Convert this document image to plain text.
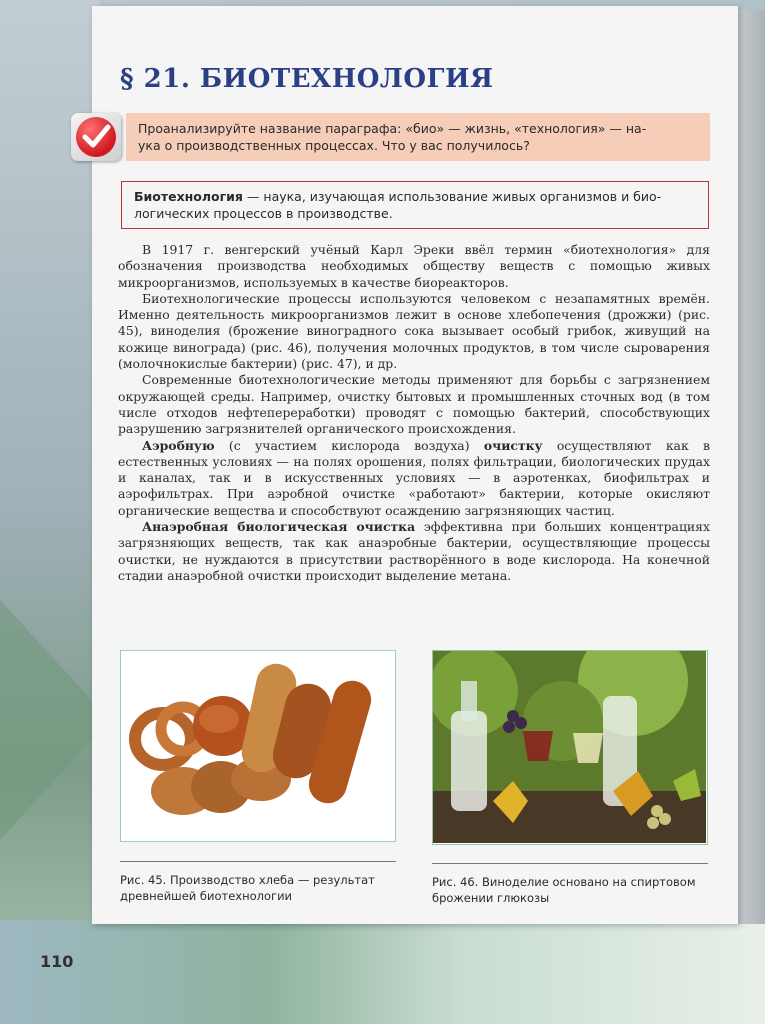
§ 21. БИОТЕХНОЛОГИЯ
Проанализируйте название параграфа: «био» — жизнь, «технология» — на-
ука о производственных процессах. Что у вас получилось?
Биотехнология — наука, изучающая использование живых организмов и био-
логических процессов в производстве.

В 1917 г. венгерский учёный Карл Эреки ввёл термин «биотехнология» для обозначения производства необходимых обществу веществ с помощью живых микроорганизмов, используемых в качестве биореакторов.

Биотехнологические процессы используются человеком с незапамятных времён. Именно деятельность микроорганизмов лежит в основе хлебопечения (дрожжи) (рис. 45), виноделия (брожение виноградного сока вызывает особый грибок, живущий на кожице винограда) (рис. 46), получения молочных продуктов, в том числе сыроварения (молочнокислые бактерии) (рис. 47), и др.

Современные биотехнологические методы применяют для борьбы с загрязнением окружающей среды. Например, очистку бытовых и промышленных сточных вод (в том числе отходов нефтепереработки) проводят с помощью бактерий, способствующих разрушению загрязнителей органического происхождения.

Аэробную (с участием кислорода воздуха) очистку осуществляют как в естественных условиях — на полях орошения, полях фильтрации, биологических прудах и каналах, так и в искусственных условиях — в аэротенках, биофильтрах и аэрофильтрах. При аэробной очистке «работают» бактерии, которые окисляют органические вещества и способствуют осаждению загрязняющих частиц.

Анаэробная биологическая очистка эффективна при больших концентрациях загрязняющих веществ, так как анаэробные бактерии, осуществляющие процессы очистки, не нуждаются в присутствии растворённого в воде кислорода. На конечной стадии анаэробной очистки происходит выделение метана.

Рис. 45. Производство хлеба — результат
древнейшей биотехнологии
Рис. 46. Виноделие основано на спиртовом
брожении глюкозы
110
